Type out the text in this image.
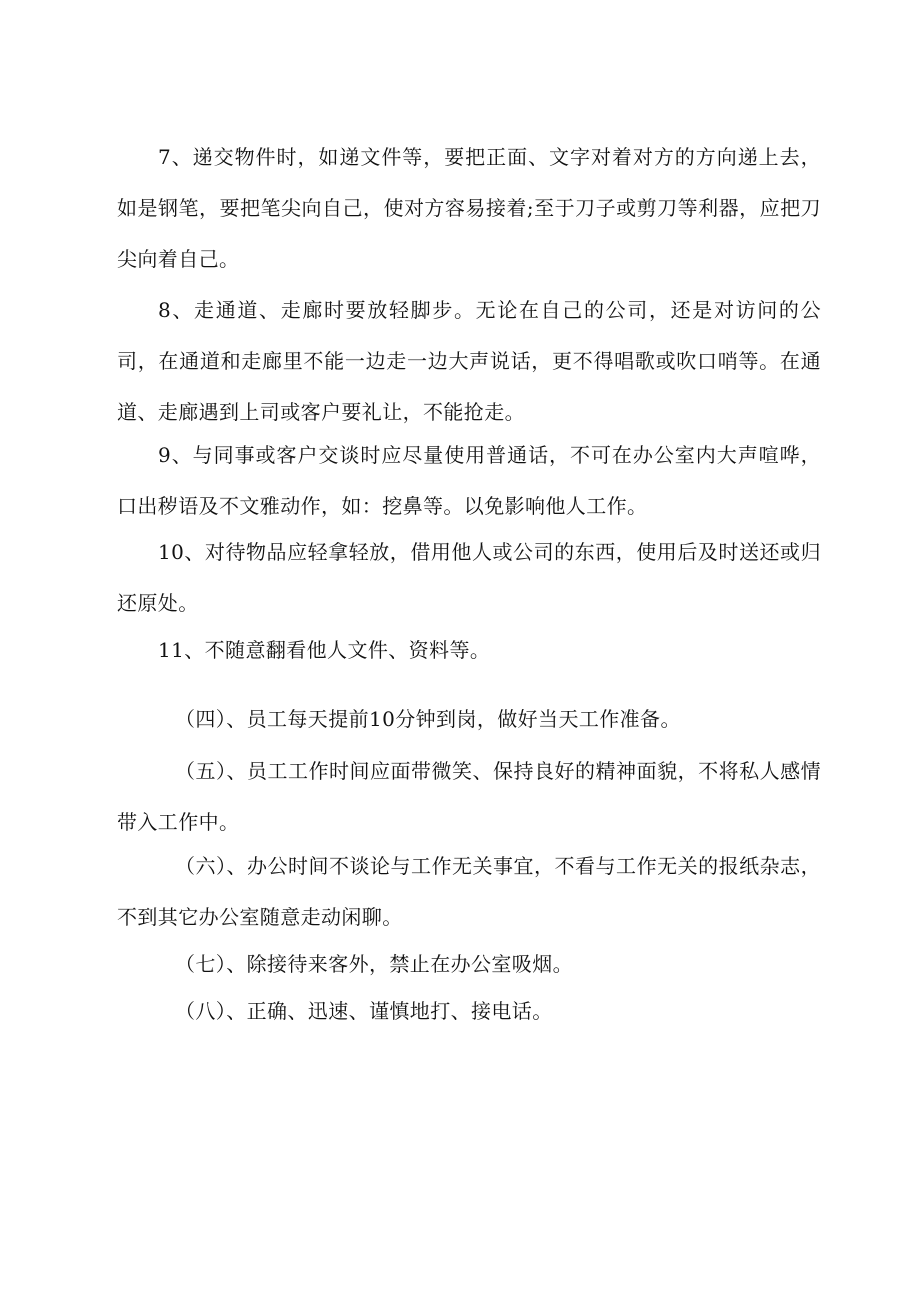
7、递交物件时，如递文件等，要把正面、文字对着对方的方向递上去，如是钢笔，要把笔尖向自己，使对方容易接着;至于刀子或剪刀等利器，应把刀尖向着自己。

8、走通道、走廊时要放轻脚步。无论在自己的公司，还是对访问的公司，在通道和走廊里不能一边走一边大声说话，更不得唱歌或吹口哨等。在通道、走廊遇到上司或客户要礼让，不能抢走。

9、与同事或客户交谈时应尽量使用普通话，不可在办公室内大声喧哗，口出秽语及不文雅动作，如：挖鼻等。以免影响他人工作。

10、对待物品应轻拿轻放，借用他人或公司的东西，使用后及时送还或归还原处。

11、不随意翻看他人文件、资料等。

（四）、员工每天提前10分钟到岗，做好当天工作准备。

（五）、员工工作时间应面带微笑、保持良好的精神面貌，不将私人感情带入工作中。

（六）、办公时间不谈论与工作无关事宜，不看与工作无关的报纸杂志，不到其它办公室随意走动闲聊。

（七）、除接待来客外，禁止在办公室吸烟。

（八）、正确、迅速、谨慎地打、接电话。
